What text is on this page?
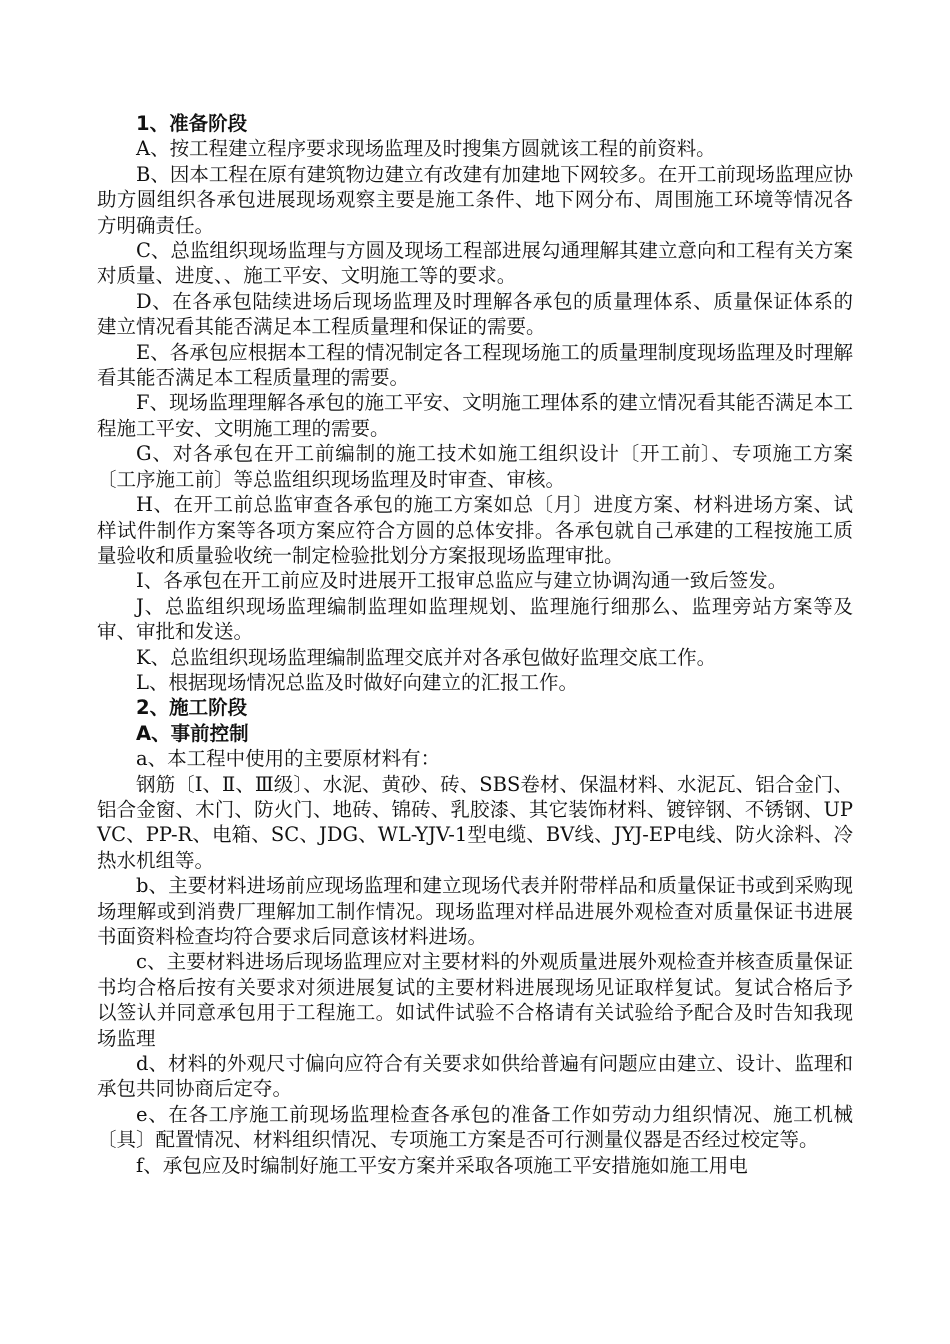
1、准备阶段

A、按工程建立程序要求现场监理及时搜集方圆就该工程的前资料。

B、因本工程在原有建筑物边建立有改建有加建地下网较多。在开工前现场监理应协助方圆组织各承包进展现场观察主要是施工条件、地下网分布、周围施工环境等情况各方明确责任。

C、总监组织现场监理与方圆及现场工程部进展勾通理解其建立意向和工程有关方案对质量、进度、、施工平安、文明施工等的要求。

D、在各承包陆续进场后现场监理及时理解各承包的质量理体系、质量保证体系的建立情况看其能否满足本工程质量理和保证的需要。

E、各承包应根据本工程的情况制定各工程现场施工的质量理制度现场监理及时理解看其能否满足本工程质量理的需要。

F、现场监理理解各承包的施工平安、文明施工理体系的建立情况看其能否满足本工程施工平安、文明施工理的需要。

G、对各承包在开工前编制的施工技术如施工组织设计〔开工前〕、专项施工方案〔工序施工前〕等总监组织现场监理及时审查、审核。

H、在开工前总监审查各承包的施工方案如总〔月〕进度方案、材料进场方案、试样试件制作方案等各项方案应符合方圆的总体安排。各承包就自己承建的工程按施工质量验收和质量验收统一制定检验批划分方案报现场监理审批。

I、各承包在开工前应及时进展开工报审总监应与建立协调沟通一致后签发。

J、总监组织现场监理编制监理如监理规划、监理施行细那么、监理旁站方案等及审、审批和发送。

K、总监组织现场监理编制监理交底并对各承包做好监理交底工作。

L、根据现场情况总监及时做好向建立的汇报工作。

2、施工阶段

A、事前控制

a、本工程中使用的主要原材料有：

钢筋〔Ⅰ、Ⅱ、Ⅲ级〕、水泥、黄砂、砖、SBS卷材、保温材料、水泥瓦、铝合金门、铝合金窗、木门、防火门、地砖、锦砖、乳胶漆、其它装饰材料、镀锌钢、不锈钢、UPVC、PP-R、电箱、SC、JDG、WL-YJV-1型电缆、BV线、JYJ-EP电线、防火涂料、冷热水机组等。

b、主要材料进场前应现场监理和建立现场代表并附带样品和质量保证书或到采购现场理解或到消费厂理解加工制作情况。现场监理对样品进展外观检查对质量保证书进展书面资料检查均符合要求后同意该材料进场。

c、主要材料进场后现场监理应对主要材料的外观质量进展外观检查并核查质量保证书均合格后按有关要求对须进展复试的主要材料进展现场见证取样复试。复试合格后予以签认并同意承包用于工程施工。如试件试验不合格请有关试验给予配合及时告知我现场监理

d、材料的外观尺寸偏向应符合有关要求如供给普遍有问题应由建立、设计、监理和承包共同协商后定夺。

e、在各工序施工前现场监理检查各承包的准备工作如劳动力组织情况、施工机械〔具〕配置情况、材料组织情况、专项施工方案是否可行测量仪器是否经过校定等。

f、承包应及时编制好施工平安方案并采取各项施工平安措施如施工用电
